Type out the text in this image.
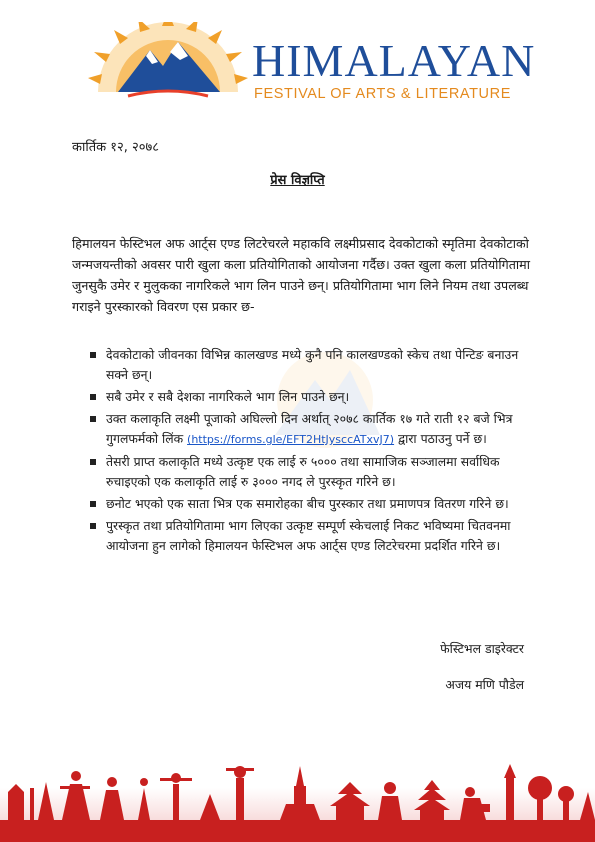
HIMALAYAN
FESTIVAL OF ARTS & LITERATURE
कार्तिक १२, २०७८
प्रेस विज्ञप्ति
हिमालयन फेस्टिभल अफ आर्ट्स एण्ड लिटरेचरले महाकवि लक्ष्मीप्रसाद देवकोटाको स्मृतिमा देवकोटाको जन्मजयन्तीको अवसर पारी खुला कला प्रतियोगिताको आयोजना गर्दैछ। उक्त खुला कला प्रतियोगितामा जुनसुकै उमेर र मुलुकका नागरिकले भाग लिन पाउने छन्। प्रतियोगितामा भाग लिने नियम तथा उपलब्ध गराइने पुरस्कारको विवरण एस प्रकार छ-
देवकोटाको जीवनका विभिन्न कालखण्ड मध्ये कुनै पनि कालखण्डको स्केच तथा पेन्टिङ बनाउन सक्ने छन्।
सबै उमेर र सबै देशका नागरिकले भाग लिन पाउने छन्।
उक्त कलाकृति लक्ष्मी पूजाको अघिल्लो दिन अर्थात् २०७८ कार्तिक १७ गते राती १२ बजे भित्र गुगलफर्मको लिंक (https://forms.gle/EFT2HtJysccATxvJ7) द्वारा पठाउनु पर्ने छ।
तेसरी प्राप्त कलाकृति मध्ये उत्कृष्ट एक लाई रु ५००० तथा सामाजिक सञ्जालमा सर्वाधिक रुचाइएको एक कलाकृति लाई रु ३००० नगद ले पुरस्कृत गरिने छ।
छनोट भएको एक साता भित्र एक समारोहका बीच पुरस्कार तथा प्रमाणपत्र वितरण गरिने छ।
पुरस्कृत तथा प्रतियोगितामा भाग लिएका उत्कृष्ट सम्पूर्ण स्केचलाई निकट भविष्यमा चितवनमा आयोजना हुन लागेको हिमालयन फेस्टिभल अफ आर्ट्स एण्ड लिटरेचरमा प्रदर्शित गरिने छ।
फेस्टिभल डाइरेक्टर
अजय मणि पौडेल
